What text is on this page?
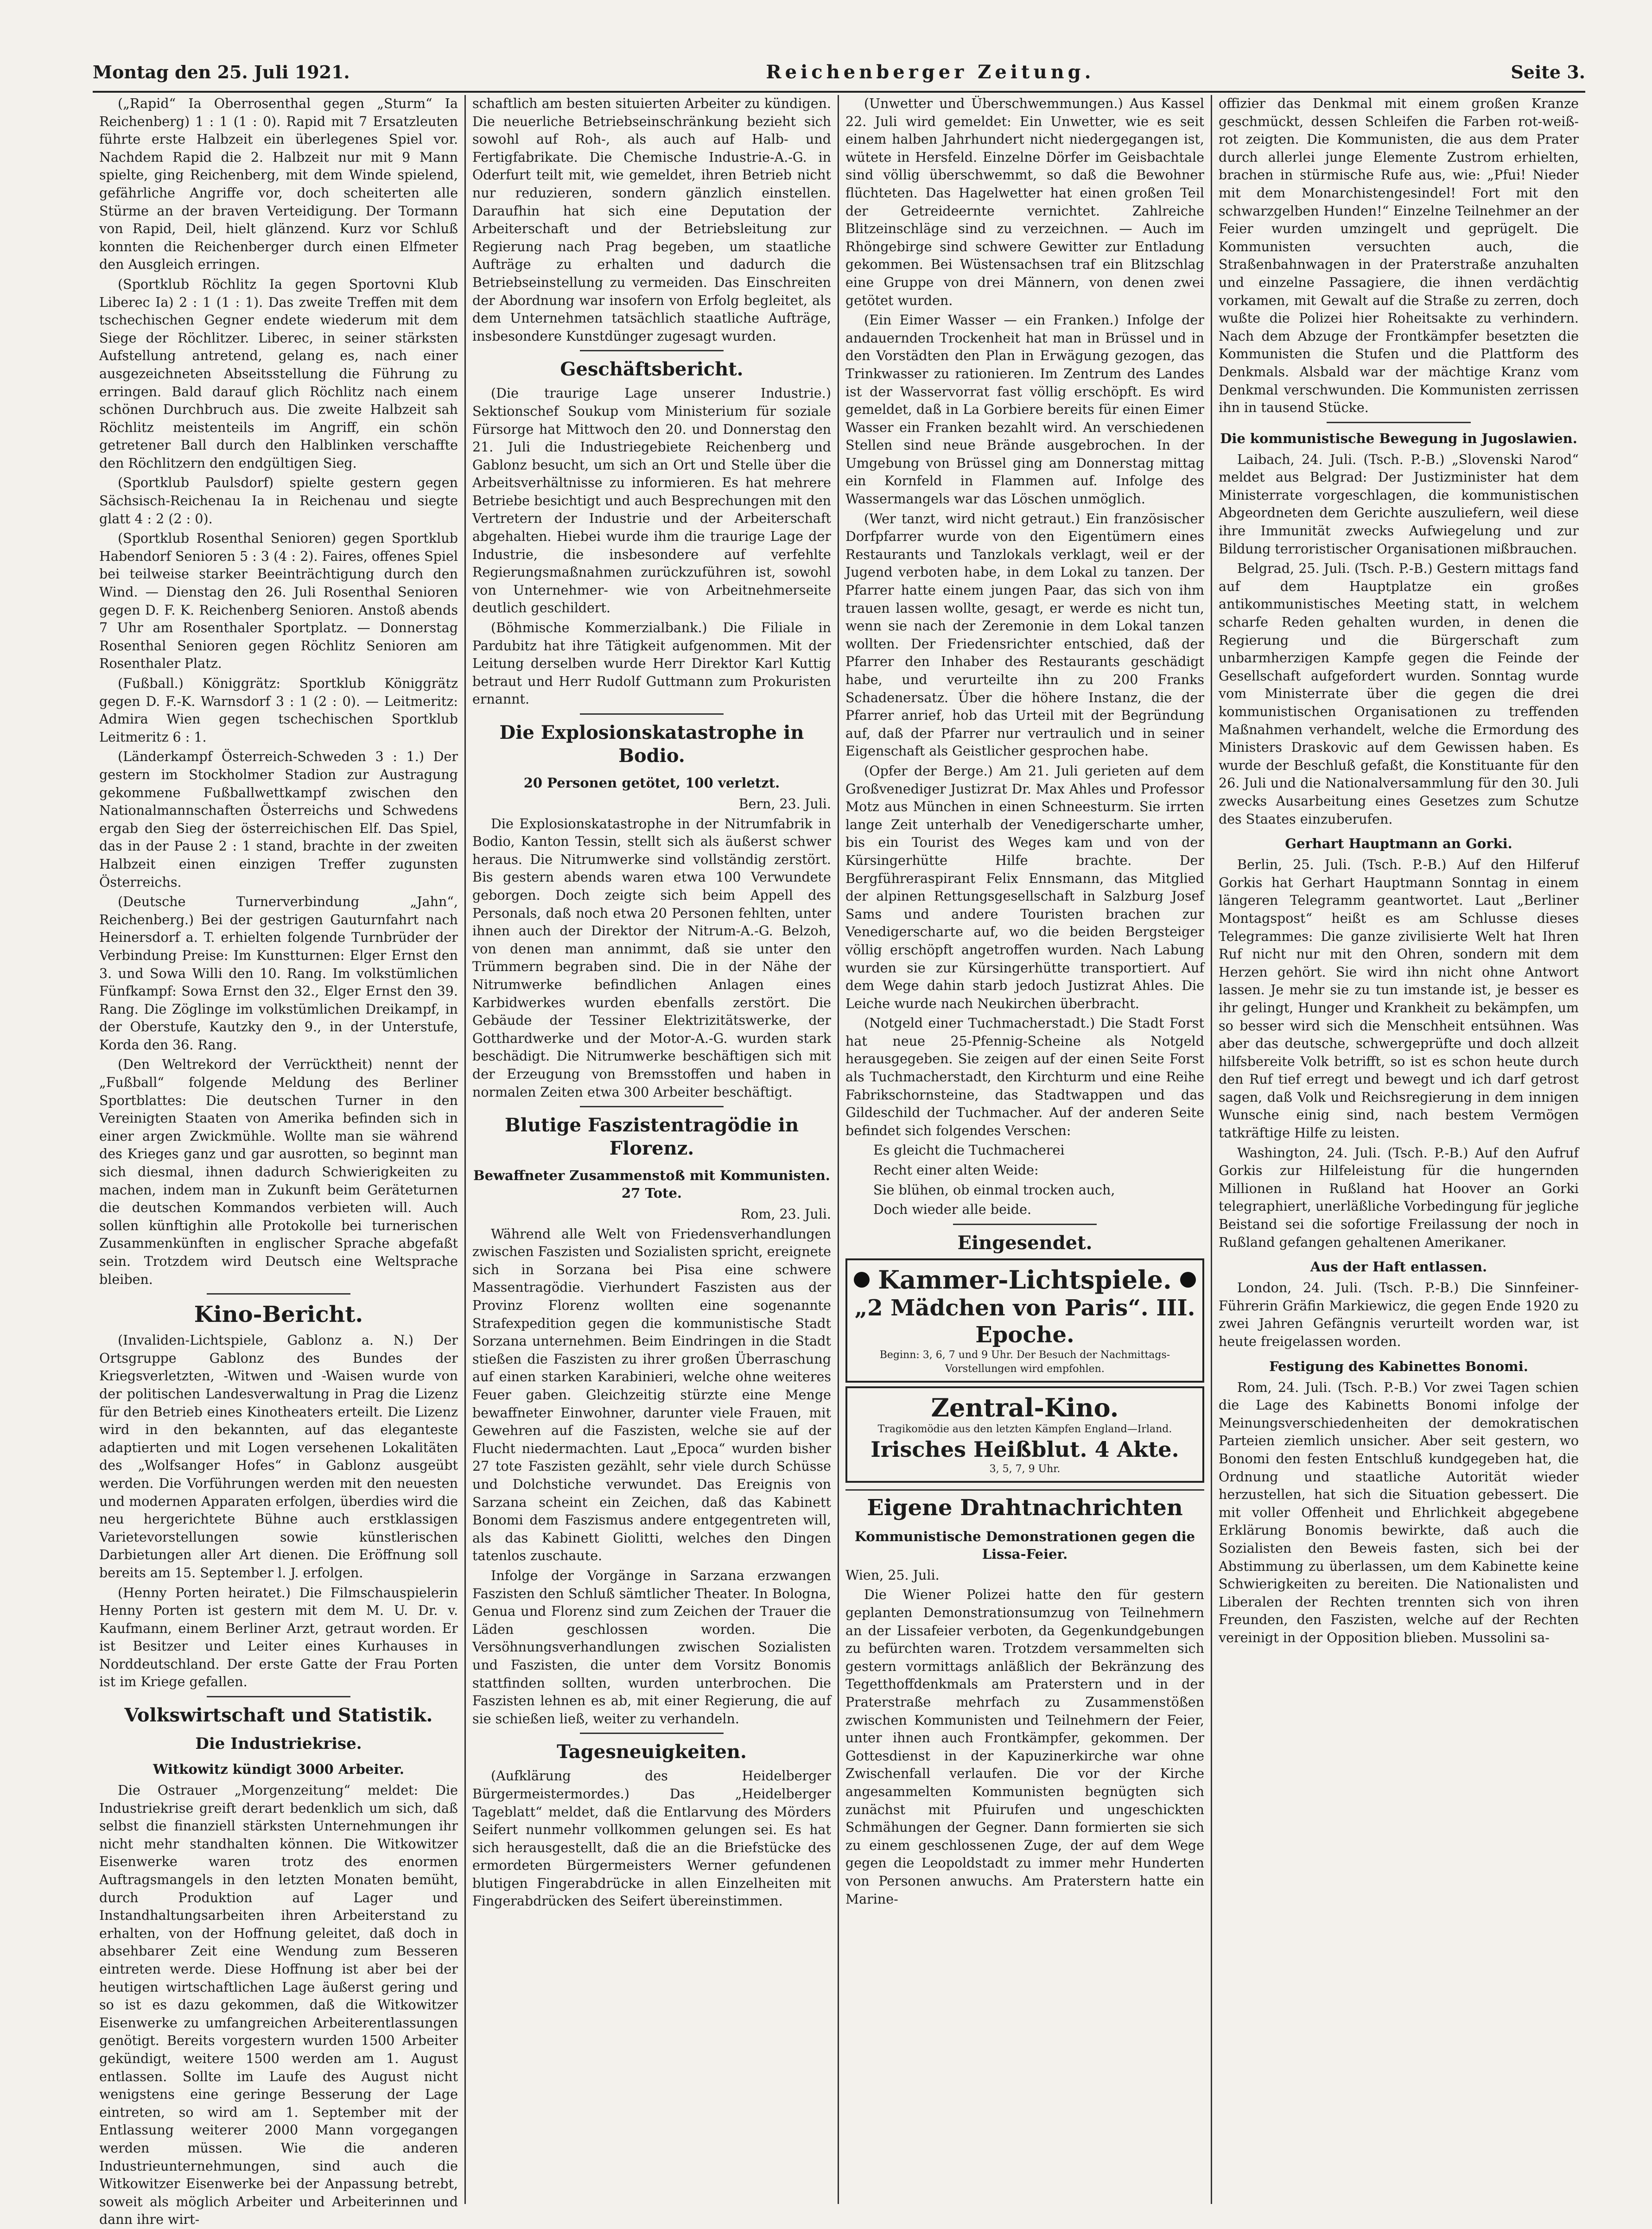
Montag den 25. Juli 1921.	Reichenberger Zeitung.	Seite 3.

(„Rapid“ Ia Oberrosenthal gegen „Sturm“ Ia Reichenberg) 1 : 1 (1 : 0). Rapid mit 7 Ersatzleuten führte erste Halbzeit ein überlegenes Spiel vor. Nachdem Rapid die 2. Halbzeit nur mit 9 Mann spielte, ging Reichenberg, mit dem Winde spielend, gefährliche Angriffe vor, doch scheiterten alle Stürme an der braven Verteidigung. Der Tormann von Rapid, Deil, hielt glänzend. Kurz vor Schluß konnten die Reichenberger durch einen Elfmeter den Ausgleich erringen.

(Sportklub Röchlitz Ia gegen Sportovni Klub Liberec Ia) 2 : 1 (1 : 1). Das zweite Treffen mit dem tschechischen Gegner endete wiederum mit dem Siege der Röchlitzer. Liberec, in seiner stärksten Aufstellung antretend, gelang es, nach einer ausgezeichneten Abseitsstellung die Führung zu erringen. Bald darauf glich Röchlitz nach einem schönen Durchbruch aus. Die zweite Halbzeit sah Röchlitz meistenteils im Angriff, ein schön getretener Ball durch den Halblinken verschaffte den Röchlitzern den endgültigen Sieg.

(Sportklub Paulsdorf) spielte gestern gegen Sächsisch-Reichenau Ia in Reichenau und siegte glatt 4 : 2 (2 : 0).

(Sportklub Rosenthal Senioren) gegen Sportklub Habendorf Senioren 5 : 3 (4 : 2). Faires, offenes Spiel bei teilweise starker Beeinträchtigung durch den Wind. — Dienstag den 26. Juli Rosenthal Senioren gegen D. F. K. Reichenberg Senioren. Anstoß abends 7 Uhr am Rosenthaler Sportplatz. — Donnerstag Rosenthal Senioren gegen Röchlitz Senioren am Rosenthaler Platz.

(Fußball.) Königgrätz: Sportklub Königgrätz gegen D. F.-K. Warnsdorf 3 : 1 (2 : 0). — Leitmeritz: Admira Wien gegen tschechischen Sportklub Leitmeritz 6 : 1.

(Länderkampf Österreich-Schweden 3 : 1.) Der gestern im Stockholmer Stadion zur Austragung gekommene Fußballwettkampf zwischen den Nationalmannschaften Österreichs und Schwedens ergab den Sieg der österreichischen Elf. Das Spiel, das in der Pause 2 : 1 stand, brachte in der zweiten Halbzeit einen einzigen Treffer zugunsten Österreichs.

(Deutsche Turnerverbindung „Jahn“, Reichenberg.) Bei der gestrigen Gauturnfahrt nach Heinersdorf a. T. erhielten folgende Turnbrüder der Verbindung Preise: Im Kunstturnen: Elger Ernst den 3. und Sowa Willi den 10. Rang. Im volkstümlichen Fünfkampf: Sowa Ernst den 32., Elger Ernst den 39. Rang. Die Zöglinge im volkstümlichen Dreikampf, in der Oberstufe, Kautzky den 9., in der Unterstufe, Korda den 36. Rang.

(Den Weltrekord der Verrücktheit) nennt der „Fußball“ folgende Meldung des Berliner Sportblattes: Die deutschen Turner in den Vereinigten Staaten von Amerika befinden sich in einer argen Zwickmühle. Wollte man sie während des Krieges ganz und gar ausrotten, so beginnt man sich diesmal, ihnen dadurch Schwierigkeiten zu machen, indem man in Zukunft beim Geräteturnen die deutschen Kommandos verbieten will. Auch sollen künftighin alle Protokolle bei turnerischen Zusammenkünften in englischer Sprache abgefaßt sein. Trotzdem wird Deutsch eine Weltsprache bleiben.

Kino-Bericht.

(Invaliden-Lichtspiele, Gablonz a. N.) Der Ortsgruppe Gablonz des Bundes der Kriegsverletzten, -Witwen und -Waisen wurde von der politischen Landesverwaltung in Prag die Lizenz für den Betrieb eines Kinotheaters erteilt. Die Lizenz wird in den bekannten, auf das eleganteste adaptierten und mit Logen versehenen Lokalitäten des „Wolfsanger Hofes“ in Gablonz ausgeübt werden. Die Vorführungen werden mit den neuesten und modernen Apparaten erfolgen, überdies wird die neu hergerichtete Bühne auch erstklassigen Varietevorstellungen sowie künstlerischen Darbietungen aller Art dienen. Die Eröffnung soll bereits am 15. September l. J. erfolgen.

(Henny Porten heiratet.) Die Filmschauspielerin Henny Porten ist gestern mit dem M. U. Dr. v. Kaufmann, einem Berliner Arzt, getraut worden. Er ist Besitzer und Leiter eines Kurhauses in Norddeutschland. Der erste Gatte der Frau Porten ist im Kriege gefallen.

Volkswirtschaft und Statistik.
Die Industriekrise.
Witkowitz kündigt 3000 Arbeiter.

Die Ostrauer „Morgenzeitung“ meldet: Die Industriekrise greift derart bedenklich um sich, daß selbst die finanziell stärksten Unternehmungen ihr nicht mehr standhalten können. Die Witkowitzer Eisenwerke waren trotz des enormen Auftragsmangels in den letzten Monaten bemüht, durch Produktion auf Lager und Instandhaltungsarbeiten ihren Arbeiterstand zu erhalten, von der Hoffnung geleitet, daß doch in absehbarer Zeit eine Wendung zum Besseren eintreten werde. Diese Hoffnung ist aber bei der heutigen wirtschaftlichen Lage äußerst gering und so ist es dazu gekommen, daß die Witkowitzer Eisenwerke zu umfangreichen Arbeiterentlassungen genötigt. Bereits vorgestern wurden 1500 Arbeiter gekündigt, weitere 1500 werden am 1. August entlassen. Sollte im Laufe des August nicht wenigstens eine geringe Besserung der Lage eintreten, so wird am 1. September mit der Entlassung weiterer 2000 Mann vorgegangen werden müssen. Wie die anderen Industrieunternehmungen, sind auch die Witkowitzer Eisenwerke bei der Anpassung betrebt, soweit als möglich Arbeiter und Arbeiterinnen und dann ihre wirt-

schaftlich am besten situierten Arbeiter zu kündigen. Die neuerliche Betriebseinschränkung bezieht sich sowohl auf Roh-, als auch auf Halb- und Fertigfabrikate. Die Chemische Industrie-A.-G. in Oderfurt teilt mit, wie gemeldet, ihren Betrieb nicht nur reduzieren, sondern gänzlich einstellen. Daraufhin hat sich eine Deputation der Arbeiterschaft und der Betriebsleitung zur Regierung nach Prag begeben, um staatliche Aufträge zu erhalten und dadurch die Betriebseinstellung zu vermeiden. Das Einschreiten der Abordnung war insofern von Erfolg begleitet, als dem Unternehmen tatsächlich staatliche Aufträge, insbesondere Kunstdünger zugesagt wurden.

Geschäftsbericht.

(Die traurige Lage unserer Industrie.) Sektionschef Soukup vom Ministerium für soziale Fürsorge hat Mittwoch den 20. und Donnerstag den 21. Juli die Industriegebiete Reichenberg und Gablonz besucht, um sich an Ort und Stelle über die Arbeitsverhältnisse zu informieren. Es hat mehrere Betriebe besichtigt und auch Besprechungen mit den Vertretern der Industrie und der Arbeiterschaft abgehalten. Hiebei wurde ihm die traurige Lage der Industrie, die insbesondere auf verfehlte Regierungsmaßnahmen zurückzuführen ist, sowohl von Unternehmer- wie von Arbeitnehmerseite deutlich geschildert.

(Böhmische Kommerzialbank.) Die Filiale in Pardubitz hat ihre Tätigkeit aufgenommen. Mit der Leitung derselben wurde Herr Direktor Karl Kuttig betraut und Herr Rudolf Guttmann zum Prokuristen ernannt.

Die Explosionskatastrophe in Bodio.
20 Personen getötet, 100 verletzt.

Bern, 23. Juli.

Die Explosionskatastrophe in der Nitrumfabrik in Bodio, Kanton Tessin, stellt sich als äußerst schwer heraus. Die Nitrumwerke sind vollständig zerstört. Bis gestern abends waren etwa 100 Verwundete geborgen. Doch zeigte sich beim Appell des Personals, daß noch etwa 20 Personen fehlten, unter ihnen auch der Direktor der Nitrum-A.-G. Belzoh, von denen man annimmt, daß sie unter den Trümmern begraben sind. Die in der Nähe der Nitrumwerke befindlichen Anlagen eines Karbidwerkes wurden ebenfalls zerstört. Die Gebäude der Tessiner Elektrizitätswerke, der Gotthardwerke und der Motor-A.-G. wurden stark beschädigt. Die Nitrumwerke beschäftigen sich mit der Erzeugung von Bremsstoffen und haben in normalen Zeiten etwa 300 Arbeiter beschäftigt.

Blutige Faszistentragödie in Florenz.
Bewaffneter Zusammenstoß mit Kommunisten. 27 Tote.

Rom, 23. Juli.

Während alle Welt von Friedensverhandlungen zwischen Faszisten und Sozialisten spricht, ereignete sich in Sorzana bei Pisa eine schwere Massentragödie. Vierhundert Faszisten aus der Provinz Florenz wollten eine sogenannte Strafexpedition gegen die kommunistische Stadt Sorzana unternehmen. Beim Eindringen in die Stadt stießen die Faszisten zu ihrer großen Überraschung auf einen starken Karabinieri, welche ohne weiteres Feuer gaben. Gleichzeitig stürzte eine Menge bewaffneter Einwohner, darunter viele Frauen, mit Gewehren auf die Faszisten, welche sie auf der Flucht niedermachten. Laut „Epoca“ wurden bisher 27 tote Faszisten gezählt, sehr viele durch Schüsse und Dolchstiche verwundet. Das Ereignis von Sarzana scheint ein Zeichen, daß das Kabinett Bonomi dem Faszismus andere entgegentreten will, als das Kabinett Giolitti, welches den Dingen tatenlos zuschaute.

Infolge der Vorgänge in Sarzana erzwangen Faszisten den Schluß sämtlicher Theater. In Bologna, Genua und Florenz sind zum Zeichen der Trauer die Läden geschlossen worden. Die Versöhnungsverhandlungen zwischen Sozialisten und Faszisten, die unter dem Vorsitz Bonomis stattfinden sollten, wurden unterbrochen. Die Faszisten lehnen es ab, mit einer Regierung, die auf sie schießen ließ, weiter zu verhandeln.

Tagesneuigkeiten.

(Aufklärung des Heidelberger Bürgermeistermordes.) Das „Heidelberger Tageblatt“ meldet, daß die Entlarvung des Mörders Seifert nunmehr vollkommen gelungen sei. Es hat sich herausgestellt, daß die an die Briefstücke des ermordeten Bürgermeisters Werner gefundenen blutigen Fingerabdrücke in allen Einzelheiten mit Fingerabdrücken des Seifert übereinstimmen.

(Unwetter und Überschwemmungen.) Aus Kassel 22. Juli wird gemeldet: Ein Unwetter, wie es seit einem halben Jahrhundert nicht niedergegangen ist, wütete in Hersfeld. Einzelne Dörfer im Geisbachtale sind völlig überschwemmt, so daß die Bewohner flüchteten. Das Hagelwetter hat einen großen Teil der Getreideernte vernichtet. Zahlreiche Blitzeinschläge sind zu verzeichnen. — Auch im Rhöngebirge sind schwere Gewitter zur Entladung gekommen. Bei Wüstensachsen traf ein Blitzschlag eine Gruppe von drei Männern, von denen zwei getötet wurden.

(Ein Eimer Wasser — ein Franken.) Infolge der andauernden Trockenheit hat man in Brüssel und in den Vorstädten den Plan in Erwägung gezogen, das Trinkwasser zu rationieren. Im Zentrum des Landes ist der Wasservorrat fast völlig erschöpft. Es wird gemeldet, daß in La Gorbiere bereits für einen Eimer Wasser ein Franken bezahlt wird. An verschiedenen Stellen sind neue Brände ausgebrochen. In der Umgebung von Brüssel ging am Donnerstag mittag ein Kornfeld in Flammen auf. Infolge des Wassermangels war das Löschen unmöglich.

(Wer tanzt, wird nicht getraut.) Ein französischer Dorfpfarrer wurde von den Eigentümern eines Restaurants und Tanzlokals verklagt, weil er der Jugend verboten habe, in dem Lokal zu tanzen. Der Pfarrer hatte einem jungen Paar, das sich von ihm trauen lassen wollte, gesagt, er werde es nicht tun, wenn sie nach der Zeremonie in dem Lokal tanzen wollten. Der Friedensrichter entschied, daß der Pfarrer den Inhaber des Restaurants geschädigt habe, und verurteilte ihn zu 200 Franks Schadenersatz. Über die höhere Instanz, die der Pfarrer anrief, hob das Urteil mit der Begründung auf, daß der Pfarrer nur vertraulich und in seiner Eigenschaft als Geistlicher gesprochen habe.

(Opfer der Berge.) Am 21. Juli gerieten auf dem Großvenediger Justizrat Dr. Max Ahles und Professor Motz aus München in einen Schneesturm. Sie irrten lange Zeit unterhalb der Venedigerscharte umher, bis ein Tourist des Weges kam und von der Kürsingerhütte Hilfe brachte. Der Bergführeraspirant Felix Ennsmann, das Mitglied der alpinen Rettungsgesellschaft in Salzburg Josef Sams und andere Touristen brachen zur Venedigerscharte auf, wo die beiden Bergsteiger völlig erschöpft angetroffen wurden. Nach Labung wurden sie zur Kürsingerhütte transportiert. Auf dem Wege dahin starb jedoch Justizrat Ahles. Die Leiche wurde nach Neukirchen überbracht.

(Notgeld einer Tuchmacherstadt.) Die Stadt Forst hat neue 25-Pfennig-Scheine als Notgeld herausgegeben. Sie zeigen auf der einen Seite Forst als Tuchmacherstadt, den Kirchturm und eine Reihe Fabrikschornsteine, das Stadtwappen und das Gildeschild der Tuchmacher. Auf der anderen Seite befindet sich folgendes Verschen:

Es gleicht die Tuchmacherei

Recht einer alten Weide:

Sie blühen, ob einmal trocken auch,

Doch wieder alle beide.

Eingesendet.
Kammer-Lichtspiele.
„2 Mädchen von Paris“. III. Epoche.
Beginn: 3, 6, 7 und 9 Uhr. Der Besuch der Nachmittags-Vorstellungen wird empfohlen.
Zentral-Kino.
Tragikomödie aus den letzten Kämpfen England—Irland.
Irisches Heißblut. 4 Akte.
3, 5, 7, 9 Uhr.
Eigene Drahtnachrichten
Kommunistische Demonstrationen gegen die Lissa-Feier.

Wien, 25. Juli.

Die Wiener Polizei hatte den für gestern geplanten Demonstrationsumzug von Teilnehmern an der Lissafeier verboten, da Gegenkundgebungen zu befürchten waren. Trotzdem versammelten sich gestern vormittags anläßlich der Bekränzung des Tegetthoffdenkmals am Praterstern und in der Praterstraße mehrfach zu Zusammenstößen zwischen Kommunisten und Teilnehmern der Feier, unter ihnen auch Frontkämpfer, gekommen. Der Gottesdienst in der Kapuzinerkirche war ohne Zwischenfall verlaufen. Die vor der Kirche angesammelten Kommunisten begnügten sich zunächst mit Pfuirufen und ungeschickten Schmähungen der Gegner. Dann formierten sie sich zu einem geschlossenen Zuge, der auf dem Wege gegen die Leopoldstadt zu immer mehr Hunderten von Personen anwuchs. Am Praterstern hatte ein Marine-

offizier das Denkmal mit einem großen Kranze geschmückt, dessen Schleifen die Farben rot-weiß-rot zeigten. Die Kommunisten, die aus dem Prater durch allerlei junge Elemente Zustrom erhielten, brachen in stürmische Rufe aus, wie: „Pfui! Nieder mit dem Monarchistengesindel! Fort mit den schwarzgelben Hunden!“ Einzelne Teilnehmer an der Feier wurden umzingelt und geprügelt. Die Kommunisten versuchten auch, die Straßenbahnwagen in der Praterstraße anzuhalten und einzelne Passagiere, die ihnen verdächtig vorkamen, mit Gewalt auf die Straße zu zerren, doch wußte die Polizei hier Roheitsakte zu verhindern. Nach dem Abzuge der Frontkämpfer besetzten die Kommunisten die Stufen und die Plattform des Denkmals. Alsbald war der mächtige Kranz vom Denkmal verschwunden. Die Kommunisten zerrissen ihn in tausend Stücke.

Die kommunistische Bewegung in Jugoslawien.

Laibach, 24. Juli. (Tsch. P.-B.) „Slovenski Narod“ meldet aus Belgrad: Der Justizminister hat dem Ministerrate vorgeschlagen, die kommunistischen Abgeordneten dem Gerichte auszuliefern, weil diese ihre Immunität zwecks Aufwiegelung und zur Bildung terroristischer Organisationen mißbrauchen.

Belgrad, 25. Juli. (Tsch. P.-B.) Gestern mittags fand auf dem Hauptplatze ein großes antikommunistisches Meeting statt, in welchem scharfe Reden gehalten wurden, in denen die Regierung und die Bürgerschaft zum unbarmherzigen Kampfe gegen die Feinde der Gesellschaft aufgefordert wurden. Sonntag wurde vom Ministerrate über die gegen die drei kommunistischen Organisationen zu treffenden Maßnahmen verhandelt, welche die Ermordung des Ministers Draskovic auf dem Gewissen haben. Es wurde der Beschluß gefaßt, die Konstituante für den 26. Juli und die Nationalversammlung für den 30. Juli zwecks Ausarbeitung eines Gesetzes zum Schutze des Staates einzuberufen.

Gerhart Hauptmann an Gorki.

Berlin, 25. Juli. (Tsch. P.-B.) Auf den Hilferuf Gorkis hat Gerhart Hauptmann Sonntag in einem längeren Telegramm geantwortet. Laut „Berliner Montagspost“ heißt es am Schlusse dieses Telegrammes: Die ganze zivilisierte Welt hat Ihren Ruf nicht nur mit den Ohren, sondern mit dem Herzen gehört. Sie wird ihn nicht ohne Antwort lassen. Je mehr sie zu tun imstande ist, je besser es ihr gelingt, Hunger und Krankheit zu bekämpfen, um so besser wird sich die Menschheit entsühnen. Was aber das deutsche, schwergeprüfte und doch allzeit hilfsbereite Volk betrifft, so ist es schon heute durch den Ruf tief erregt und bewegt und ich darf getrost sagen, daß Volk und Reichsregierung in dem innigen Wunsche einig sind, nach bestem Vermögen tatkräftige Hilfe zu leisten.

Washington, 24. Juli. (Tsch. P.-B.) Auf den Aufruf Gorkis zur Hilfeleistung für die hungernden Millionen in Rußland hat Hoover an Gorki telegraphiert, unerläßliche Vorbedingung für jegliche Beistand sei die sofortige Freilassung der noch in Rußland gefangen gehaltenen Amerikaner.

Aus der Haft entlassen.

London, 24. Juli. (Tsch. P.-B.) Die Sinnfeiner-Führerin Gräfin Markiewicz, die gegen Ende 1920 zu zwei Jahren Gefängnis verurteilt worden war, ist heute freigelassen worden.

Festigung des Kabinettes Bonomi.

Rom, 24. Juli. (Tsch. P.-B.) Vor zwei Tagen schien die Lage des Kabinetts Bonomi infolge der Meinungsverschiedenheiten der demokratischen Parteien ziemlich unsicher. Aber seit gestern, wo Bonomi den festen Entschluß kundgegeben hat, die Ordnung und staatliche Autorität wieder herzustellen, hat sich die Situation gebessert. Die mit voller Offenheit und Ehrlichkeit abgegebene Erklärung Bonomis bewirkte, daß auch die Sozialisten den Beweis fasten, sich bei der Abstimmung zu überlassen, um dem Kabinette keine Schwierigkeiten zu bereiten. Die Nationalisten und Liberalen der Rechten trennten sich von ihren Freunden, den Faszisten, welche auf der Rechten vereinigt in der Opposition blieben. Mussolini sa-
